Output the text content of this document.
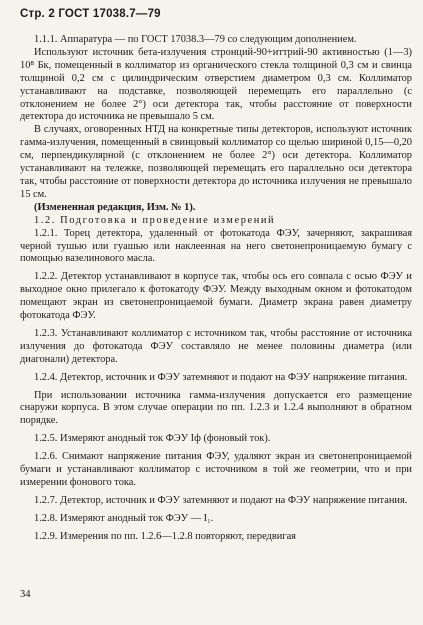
Стр. 2 ГОСТ 17038.7—79

1.1.1. Аппаратура — по ГОСТ 17038.3—79 со следующим дополнением.

Используют источник бета-излучения стронций-90+иттрий-90 активностью (1—3) 10⁸ Бк, помещенный в коллиматор из органического стекла толщиной 0,3 см и свинца толщиной 0,2 см с цилиндрическим отверстием диаметром 0,3 см. Коллиматор устанавливают на подставке, позволяющей перемещать его параллельно (с отклонением не более 2°) оси детектора так, чтобы расстояние от поверхности детектора до источника не превышало 5 см.

В случаях, оговоренных НТД на конкретные типы детекторов, используют источник гамма-излучения, помещенный в свинцовый коллиматор со щелью шириной 0,15—0,20 см, перпендикулярной (с отклонением не более 2°) оси детектора. Коллиматор устанавливают на тележке, позволяющей перемещать его параллельно оси детектора так, чтобы расстояние от поверхности детектора до источника излучения не превышало 15 см.

(Измененная редакция, Изм. № 1).

1.2. Подготовка и проведение измерений

1.2.1. Торец детектора, удаленный от фотокатода ФЭУ, зачерняют, закрашивая черной тушью или гуашью или наклеенная на него светонепроницаемую бумагу с помощью вазелинового масла.

1.2.2. Детектор устанавливают в корпусе так, чтобы ось его совпала с осью ФЭУ и выходное окно прилегало к фотокатоду ФЭУ. Между выходным окном и фотокатодом помещают экран из светонепроницаемой бумаги. Диаметр экрана равен диаметру фотокатода ФЭУ.

1.2.3. Устанавливают коллиматор с источником так, чтобы расстояние от источника излучения до фотокатода ФЭУ составляло не менее половины диаметра (или диагонали) детектора.

1.2.4. Детектор, источник и ФЭУ затемняют и подают на ФЭУ напряжение питания.

При использовании источника гамма-излучения допускается его размещение снаружи корпуса. В этом случае операции по пп. 1.2.3 и 1.2.4 выполняют в обратном порядке.

1.2.5. Измеряют анодный ток ФЭУ Iф (фоновый ток).

1.2.6. Снимают напряжение питания ФЭУ, удаляют экран из светонепроницаемой бумаги и устанавливают коллиматор с источником в той же геометрии, что и при измерении фонового тока.

1.2.7. Детектор, источник и ФЭУ затемняют и подают на ФЭУ напряжение питания.

1.2.8. Измеряют анодный ток ФЭУ — I₁.

1.2.9. Измерения по пп. 1.2.6—1.2.8 повторяют, передвигая

34
